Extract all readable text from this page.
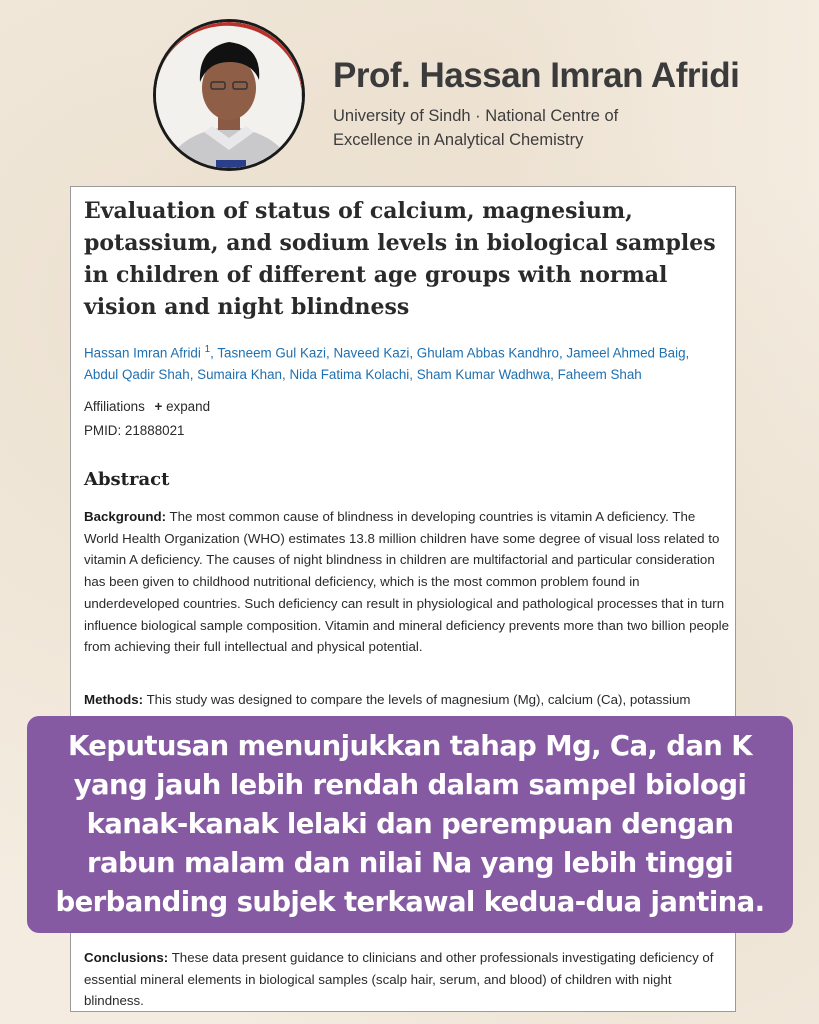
Prof. Hassan Imran Afridi
University of Sindh · National Centre of Excellence in Analytical Chemistry
Evaluation of status of calcium, magnesium, potassium, and sodium levels in biological samples in children of different age groups with normal vision and night blindness
Hassan Imran Afridi $^1$, Tasneem Gul Kazi, Naveed Kazi, Ghulam Abbas Kandhro, Jameel Ahmed Baig, Abdul Qadir Shah, Sumaira Khan, Nida Fatima Kolachi, Sham Kumar Wadhwa, Faheem Shah
Affiliations + expand
PMID: 21888021
Abstract

Background: The most common cause of blindness in developing countries is vitamin A deficiency. The World Health Organization (WHO) estimates 13.8 million children have some degree of visual loss related to vitamin A deficiency. The causes of night blindness in children are multifactorial and particular consideration has been given to childhood nutritional deficiency, which is the most common problem found in underdeveloped countries. Such deficiency can result in physiological and pathological processes that in turn influence biological sample composition. Vitamin and mineral deficiency prevents more than two billion people from achieving their full intellectual and physical potential.

Methods: This study was designed to compare the levels of magnesium (Mg), calcium (Ca), potassium

Conclusions: These data present guidance to clinicians and other professionals investigating deficiency of essential mineral elements in biological samples (scalp hair, serum, and blood) of children with night blindness.

Keputusan menunjukkan tahap Mg, Ca, dan K yang jauh lebih rendah dalam sampel biologi kanak-kanak lelaki dan perempuan dengan rabun malam dan nilai Na yang lebih tinggi berbanding subjek terkawal kedua-dua jantina.
